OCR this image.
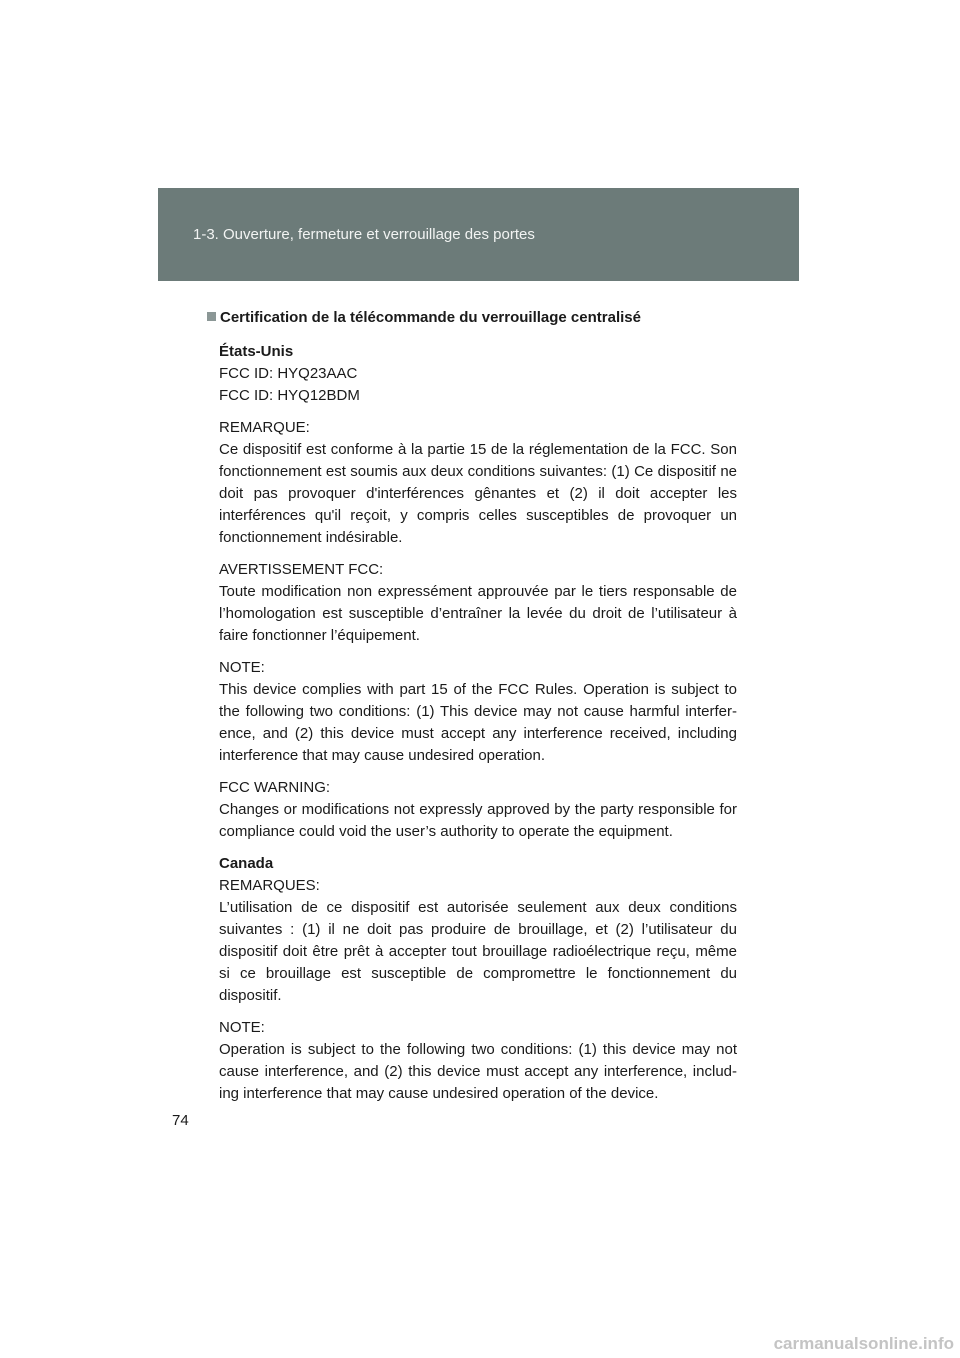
1-3. Ouverture, fermeture et verrouillage des portes
Certification de la télécommande du verrouillage centralisé
États-Unis
FCC ID: HYQ23AAC
FCC ID: HYQ12BDM
REMARQUE:
Ce dispositif est conforme à la partie 15 de la réglementation de la FCC. Son fonctionnement est soumis aux deux conditions suivantes: (1) Ce dispositif ne doit pas provoquer d'interférences gênantes et (2) il doit accepter les interférences qu'il reçoit, y compris celles susceptibles de provoquer un fonctionnement indésirable.
AVERTISSEMENT FCC:
Toute modification non expressément approuvée par le tiers responsable de l’homologation est susceptible d’entraîner la levée du droit de l’utilisateur à faire fonctionner l’équipement.
NOTE:
This device complies with part 15 of the FCC Rules. Operation is subject to the following two conditions: (1) This device may not cause harmful interfer- ence, and (2) this device must accept any interference received, including interference that may cause undesired operation.
FCC WARNING:
Changes or modifications not expressly approved by the party responsible for compliance could void the user’s authority to operate the equipment.
Canada
REMARQUES:
L’utilisation de ce dispositif est autorisée seulement aux deux conditions suivantes : (1) il ne doit pas produire de brouillage, et (2) l’utilisateur du dispositif doit être prêt à accepter tout brouillage radioélectrique reçu, même si ce brouillage est susceptible de compromettre le fonctionnement du dispositif.
NOTE:
Operation is subject to the following two conditions: (1) this device may not cause interference, and (2) this device must accept any interference, includ- ing interference that may cause undesired operation of the device.
74
carmanualsonline.info
